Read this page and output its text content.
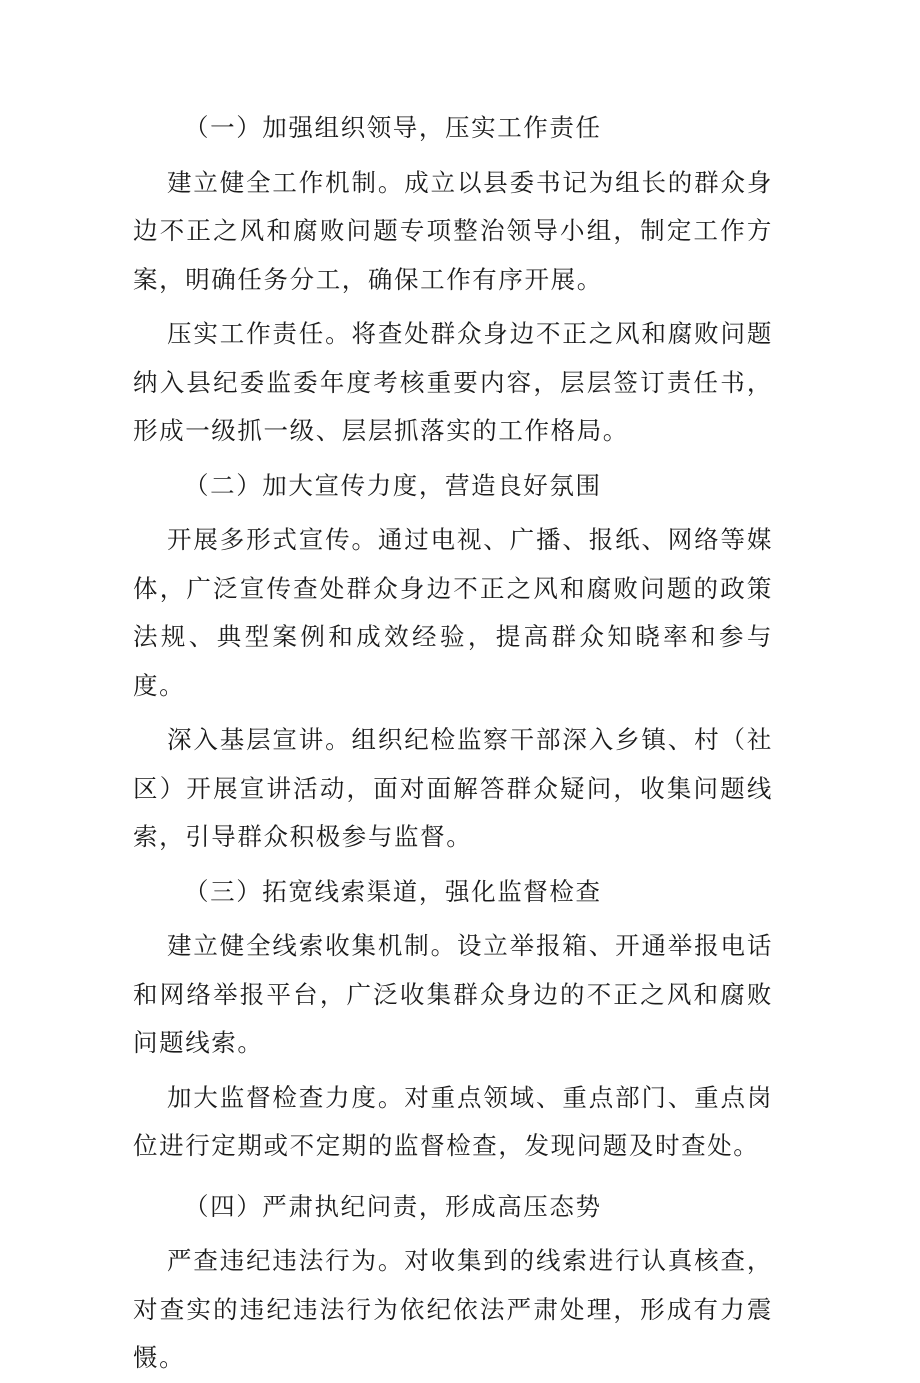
（一）加强组织领导，压实工作责任

建立健全工作机制。成立以县委书记为组长的群众身边不正之风和腐败问题专项整治领导小组，制定工作方案，明确任务分工，确保工作有序开展。

压实工作责任。将查处群众身边不正之风和腐败问题纳入县纪委监委年度考核重要内容，层层签订责任书，形成一级抓一级、层层抓落实的工作格局。

（二）加大宣传力度，营造良好氛围

开展多形式宣传。通过电视、广播、报纸、网络等媒体，广泛宣传查处群众身边不正之风和腐败问题的政策法规、典型案例和成效经验，提高群众知晓率和参与度。

深入基层宣讲。组织纪检监察干部深入乡镇、村（社区）开展宣讲活动，面对面解答群众疑问，收集问题线索，引导群众积极参与监督。

（三）拓宽线索渠道，强化监督检查

建立健全线索收集机制。设立举报箱、开通举报电话和网络举报平台，广泛收集群众身边的不正之风和腐败问题线索。

加大监督检查力度。对重点领域、重点部门、重点岗位进行定期或不定期的监督检查，发现问题及时查处。

（四）严肃执纪问责，形成高压态势

严查违纪违法行为。对收集到的线索进行认真核查，对查实的违纪违法行为依纪依法严肃处理，形成有力震慑。
